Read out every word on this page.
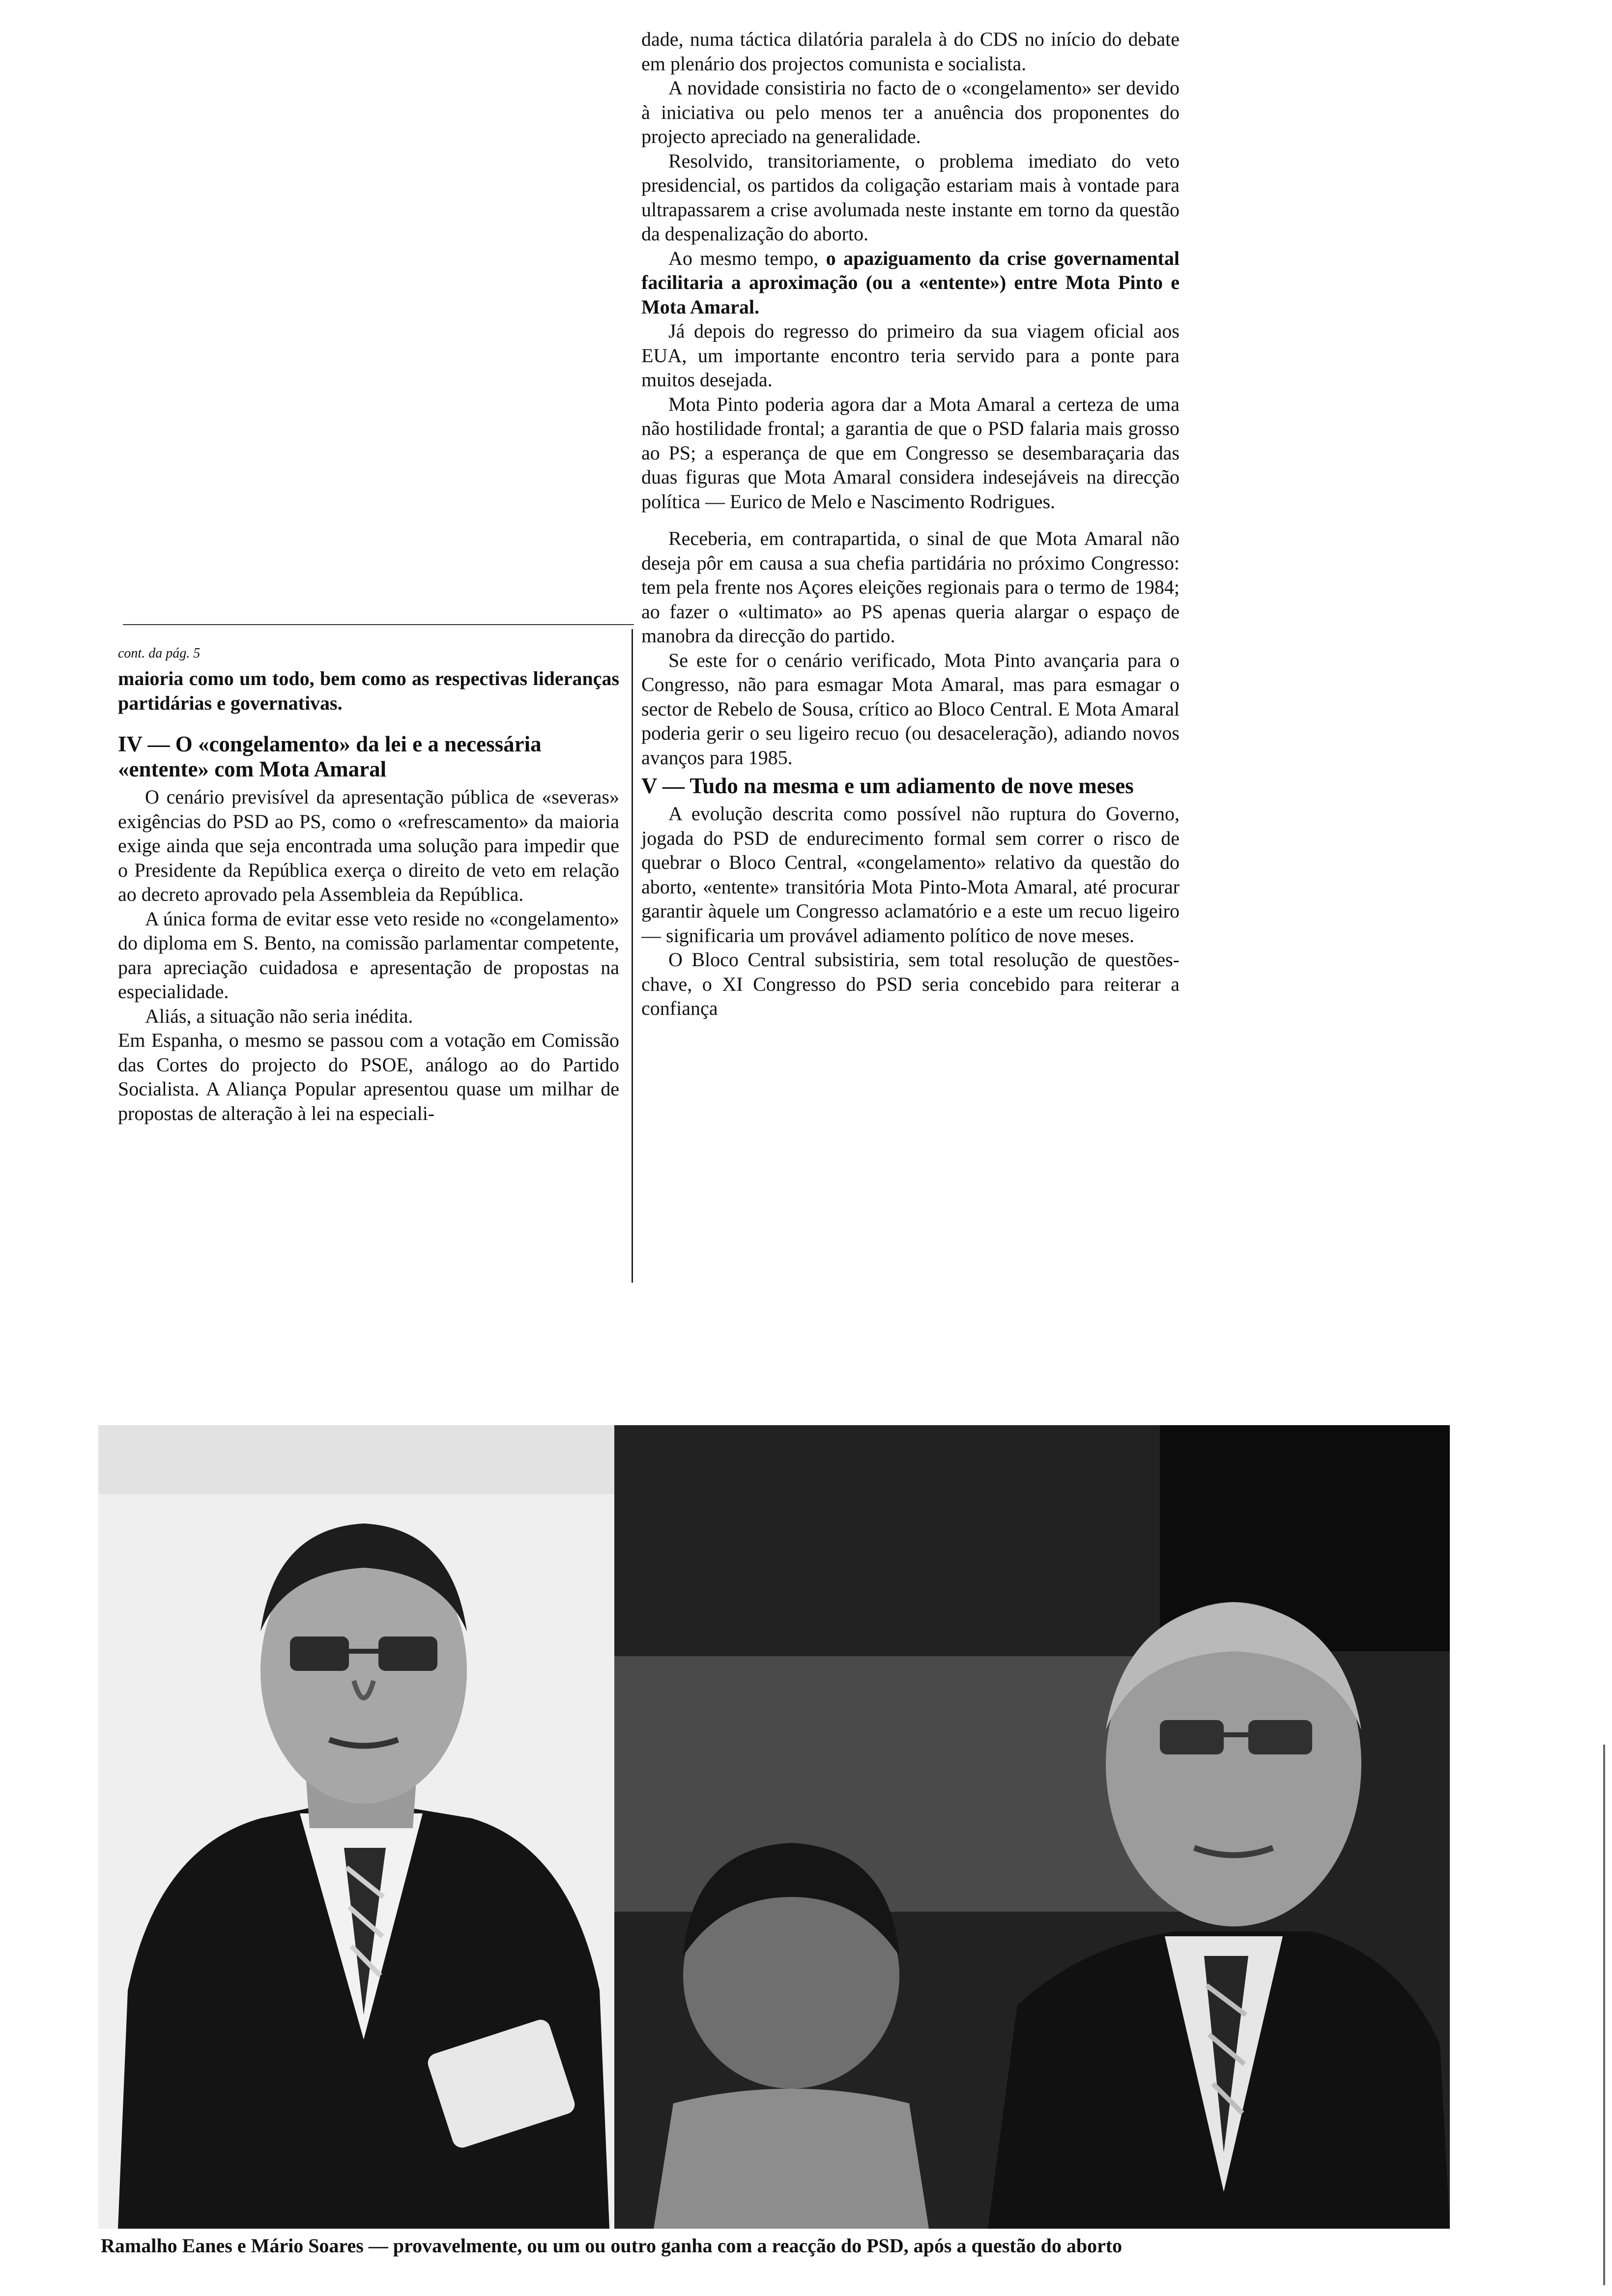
dade, numa táctica dilatória paralela à do CDS no início do debate em plenário dos projectos comunista e socialista.

A novidade consistiria no facto de o «congelamento» ser devido à iniciativa ou pelo menos ter a anuência dos proponentes do projecto apreciado na generalidade.

Resolvido, transitoriamente, o problema imediato do veto presidencial, os partidos da coligação estariam mais à vontade para ultrapassarem a crise avolumada neste instante em torno da questão da despenalização do aborto.

Ao mesmo tempo, o apaziguamento da crise governamental facilitaria a aproximação (ou a «entente») entre Mota Pinto e Mota Amaral.

Já depois do regresso do primeiro da sua viagem oficial aos EUA, um importante encontro teria servido para a ponte para muitos desejada.

Mota Pinto poderia agora dar a Mota Amaral a certeza de uma não hostilidade frontal; a garantia de que o PSD falaria mais grosso ao PS; a esperança de que em Congresso se desembaraçaria das duas figuras que Mota Amaral considera indesejáveis na direcção política — Eurico de Melo e Nascimento Rodrigues.

Receberia, em contrapartida, o sinal de que Mota Amaral não deseja pôr em causa a sua chefia partidária no próximo Congresso: tem pela frente nos Açores eleições regionais para o termo de 1984; ao fazer o «ultimato» ao PS apenas queria alargar o espaço de manobra da direcção do partido.

Se este for o cenário verificado, Mota Pinto avançaria para o Congresso, não para esmagar Mota Amaral, mas para esmagar o sector de Rebelo de Sousa, crítico ao Bloco Central. E Mota Amaral poderia gerir o seu ligeiro recuo (ou desaceleração), adiando novos avanços para 1985.

V — Tudo na mesma e um adiamento de nove meses

A evolução descrita como possível não ruptura do Governo, jogada do PSD de endurecimento formal sem correr o risco de quebrar o Bloco Central, «congelamento» relativo da questão do aborto, «entente» transitória Mota Pinto-Mota Amaral, até procurar garantir àquele um Congresso aclamatório e a este um recuo ligeiro — significaria um provável adiamento político de nove meses.

O Bloco Central subsistiria, sem total resolução de questões-chave, o XI Congresso do PSD seria concebido para reiterar a confiança

cont. da pág. 5

maioria como um todo, bem como as respectivas lideranças partidárias e governativas.

IV — O «congelamento» da lei e a necessária «entente» com Mota Amaral

O cenário previsível da apresentação pública de «severas» exigências do PSD ao PS, como o «refrescamento» da maioria exige ainda que seja encontrada uma solução para impedir que o Presidente da República exerça o direito de veto em relação ao decreto aprovado pela Assembleia da República.

A única forma de evitar esse veto reside no «congelamento» do diploma em S. Bento, na comissão parlamentar competente, para apreciação cuidadosa e apresentação de propostas na especialidade.

Aliás, a situação não seria inédita.

Em Espanha, o mesmo se passou com a votação em Comissão das Cortes do projecto do PSOE, análogo ao do Partido Socialista. A Aliança Popular apresentou quase um milhar de propostas de alteração à lei na especiali-

Ramalho Eanes e Mário Soares — provavelmente, ou um ou outro ganha com a reacção do PSD, após a questão do aborto
